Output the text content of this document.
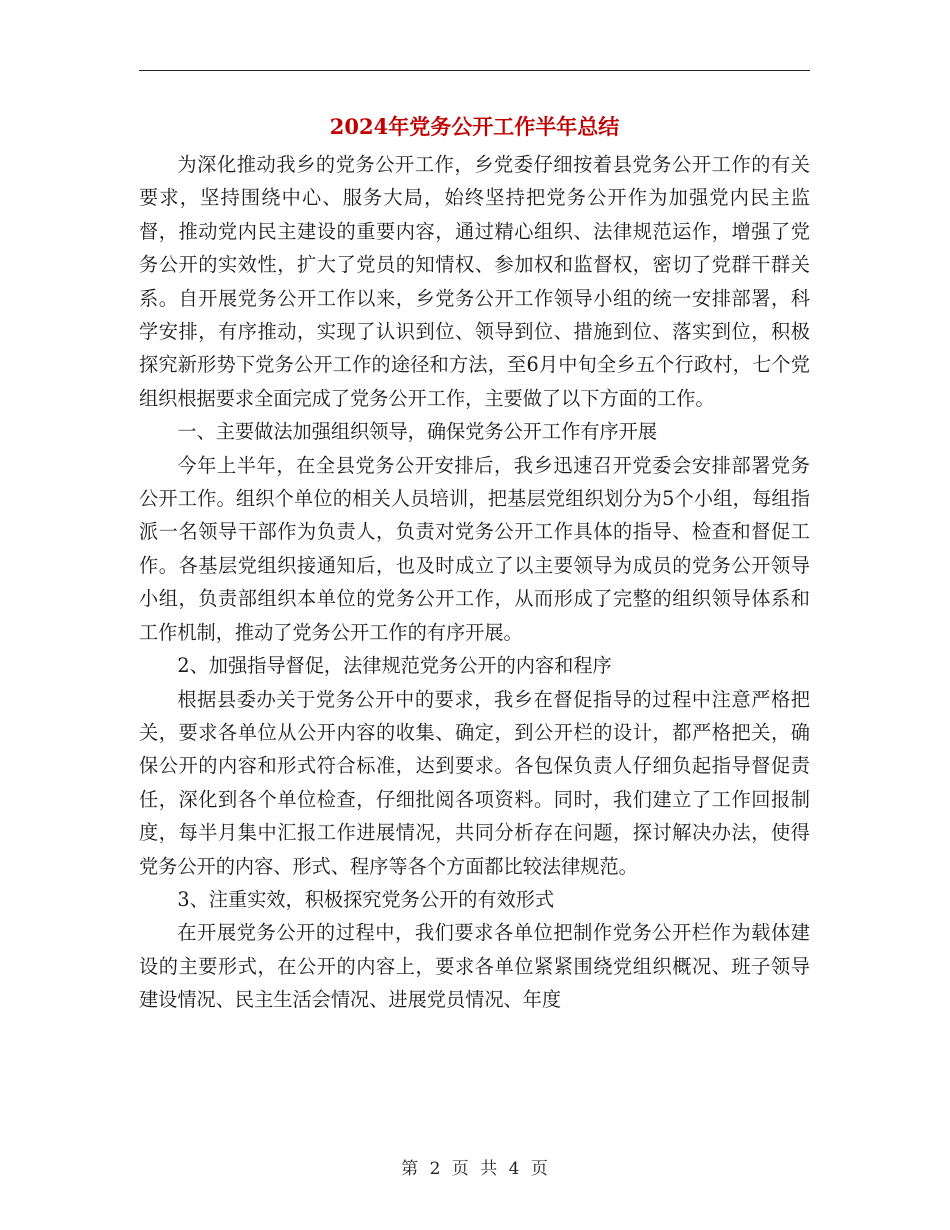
2024年党务公开工作半年总结

为深化推动我乡的党务公开工作，乡党委仔细按着县党务公开工作的有关要求，坚持围绕中心、服务大局，始终坚持把党务公开作为加强党内民主监督，推动党内民主建设的重要内容，通过精心组织、法律规范运作，增强了党务公开的实效性，扩大了党员的知情权、参加权和监督权，密切了党群干群关系。自开展党务公开工作以来，乡党务公开工作领导小组的统一安排部署，科学安排，有序推动，实现了认识到位、领导到位、措施到位、落实到位，积极探究新形势下党务公开工作的途径和方法，至6月中旬全乡五个行政村，七个党组织根据要求全面完成了党务公开工作，主要做了以下方面的工作。

一、主要做法加强组织领导，确保党务公开工作有序开展

今年上半年，在全县党务公开安排后，我乡迅速召开党委会安排部署党务公开工作。组织个单位的相关人员培训，把基层党组织划分为5个小组，每组指派一名领导干部作为负责人，负责对党务公开工作具体的指导、检查和督促工作。各基层党组织接通知后，也及时成立了以主要领导为成员的党务公开领导小组，负责部组织本单位的党务公开工作，从而形成了完整的组织领导体系和工作机制，推动了党务公开工作的有序开展。

2、加强指导督促，法律规范党务公开的内容和程序

根据县委办关于党务公开中的要求，我乡在督促指导的过程中注意严格把关，要求各单位从公开内容的收集、确定，到公开栏的设计，都严格把关，确保公开的内容和形式符合标准，达到要求。各包保负责人仔细负起指导督促责任，深化到各个单位检查，仔细批阅各项资料。同时，我们建立了工作回报制度，每半月集中汇报工作进展情况，共同分析存在问题，探讨解决办法，使得党务公开的内容、形式、程序等各个方面都比较法律规范。

3、注重实效，积极探究党务公开的有效形式

在开展党务公开的过程中，我们要求各单位把制作党务公开栏作为载体建设的主要形式，在公开的内容上，要求各单位紧紧围绕党组织概况、班子领导建设情况、民主生活会情况、进展党员情况、年度

第 2 页 共 4 页
